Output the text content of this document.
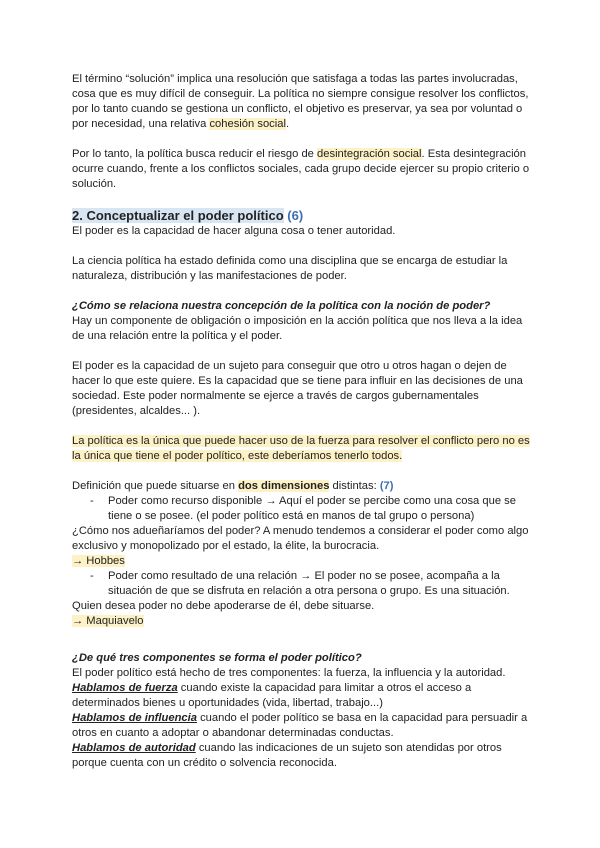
El término “solución” implica una resolución que satisfaga a todas las partes involucradas, cosa que es muy difícil de conseguir. La política no siempre consigue resolver los conflictos, por lo tanto cuando se gestiona un conflicto, el objetivo es preservar, ya sea por voluntad o por necesidad, una relativa cohesión social.

Por lo tanto, la política busca reducir el riesgo de desintegración social. Esta desintegración ocurre cuando, frente a los conflictos sociales, cada grupo decide ejercer su propio criterio o solución.

2. Conceptualizar el poder político (6)

El poder es la capacidad de hacer alguna cosa o tener autoridad.

La ciencia política ha estado definida como una disciplina que se encarga de estudiar la naturaleza, distribución y las manifestaciones de poder.

¿Cómo se relaciona nuestra concepción de la política con la noción de poder?

Hay un componente de obligación o imposición en la acción política que nos lleva a la idea de una relación entre la política y el poder.

El poder es la capacidad de un sujeto para conseguir que otro u otros hagan o dejen de hacer lo que este quiere. Es la capacidad que se tiene para influir en las decisiones de una sociedad. Este poder normalmente se ejerce a través de cargos gubernamentales (presidentes, alcaldes... ).

La política es la única que puede hacer uso de la fuerza para resolver el conflicto pero no es la única que tiene el poder político, este deberíamos tenerlo todos.

Definición que puede situarse en dos dimensiones distintas: (7)

- Poder como recurso disponible → Aquí el poder se percibe como una cosa que se tiene o se posee. (el poder político está en manos de tal grupo o persona)

¿Cómo nos adueñaríamos del poder? A menudo tendemos a considerar el poder como algo exclusivo y monopolizado por el estado, la élite, la burocracia.

→ Hobbes

- Poder como resultado de una relación → El poder no se posee, acompaña a la situación de que se disfruta en relación a otra persona o grupo. Es una situación.

Quien desea poder no debe apoderarse de él, debe situarse.

→ Maquiavelo

¿De qué tres componentes se forma el poder político?

El poder político está hecho de tres componentes: la fuerza, la influencia y la autoridad.

Hablamos de fuerza cuando existe la capacidad para limitar a otros el acceso a determinados bienes u oportunidades (vida, libertad, trabajo...)

Hablamos de influencia cuando el poder político se basa en la capacidad para persuadir a otros en cuanto a adoptar o abandonar determinadas conductas.

Hablamos de autoridad cuando las indicaciones de un sujeto son atendidas por otros porque cuenta con un crédito o solvencia reconocida.
